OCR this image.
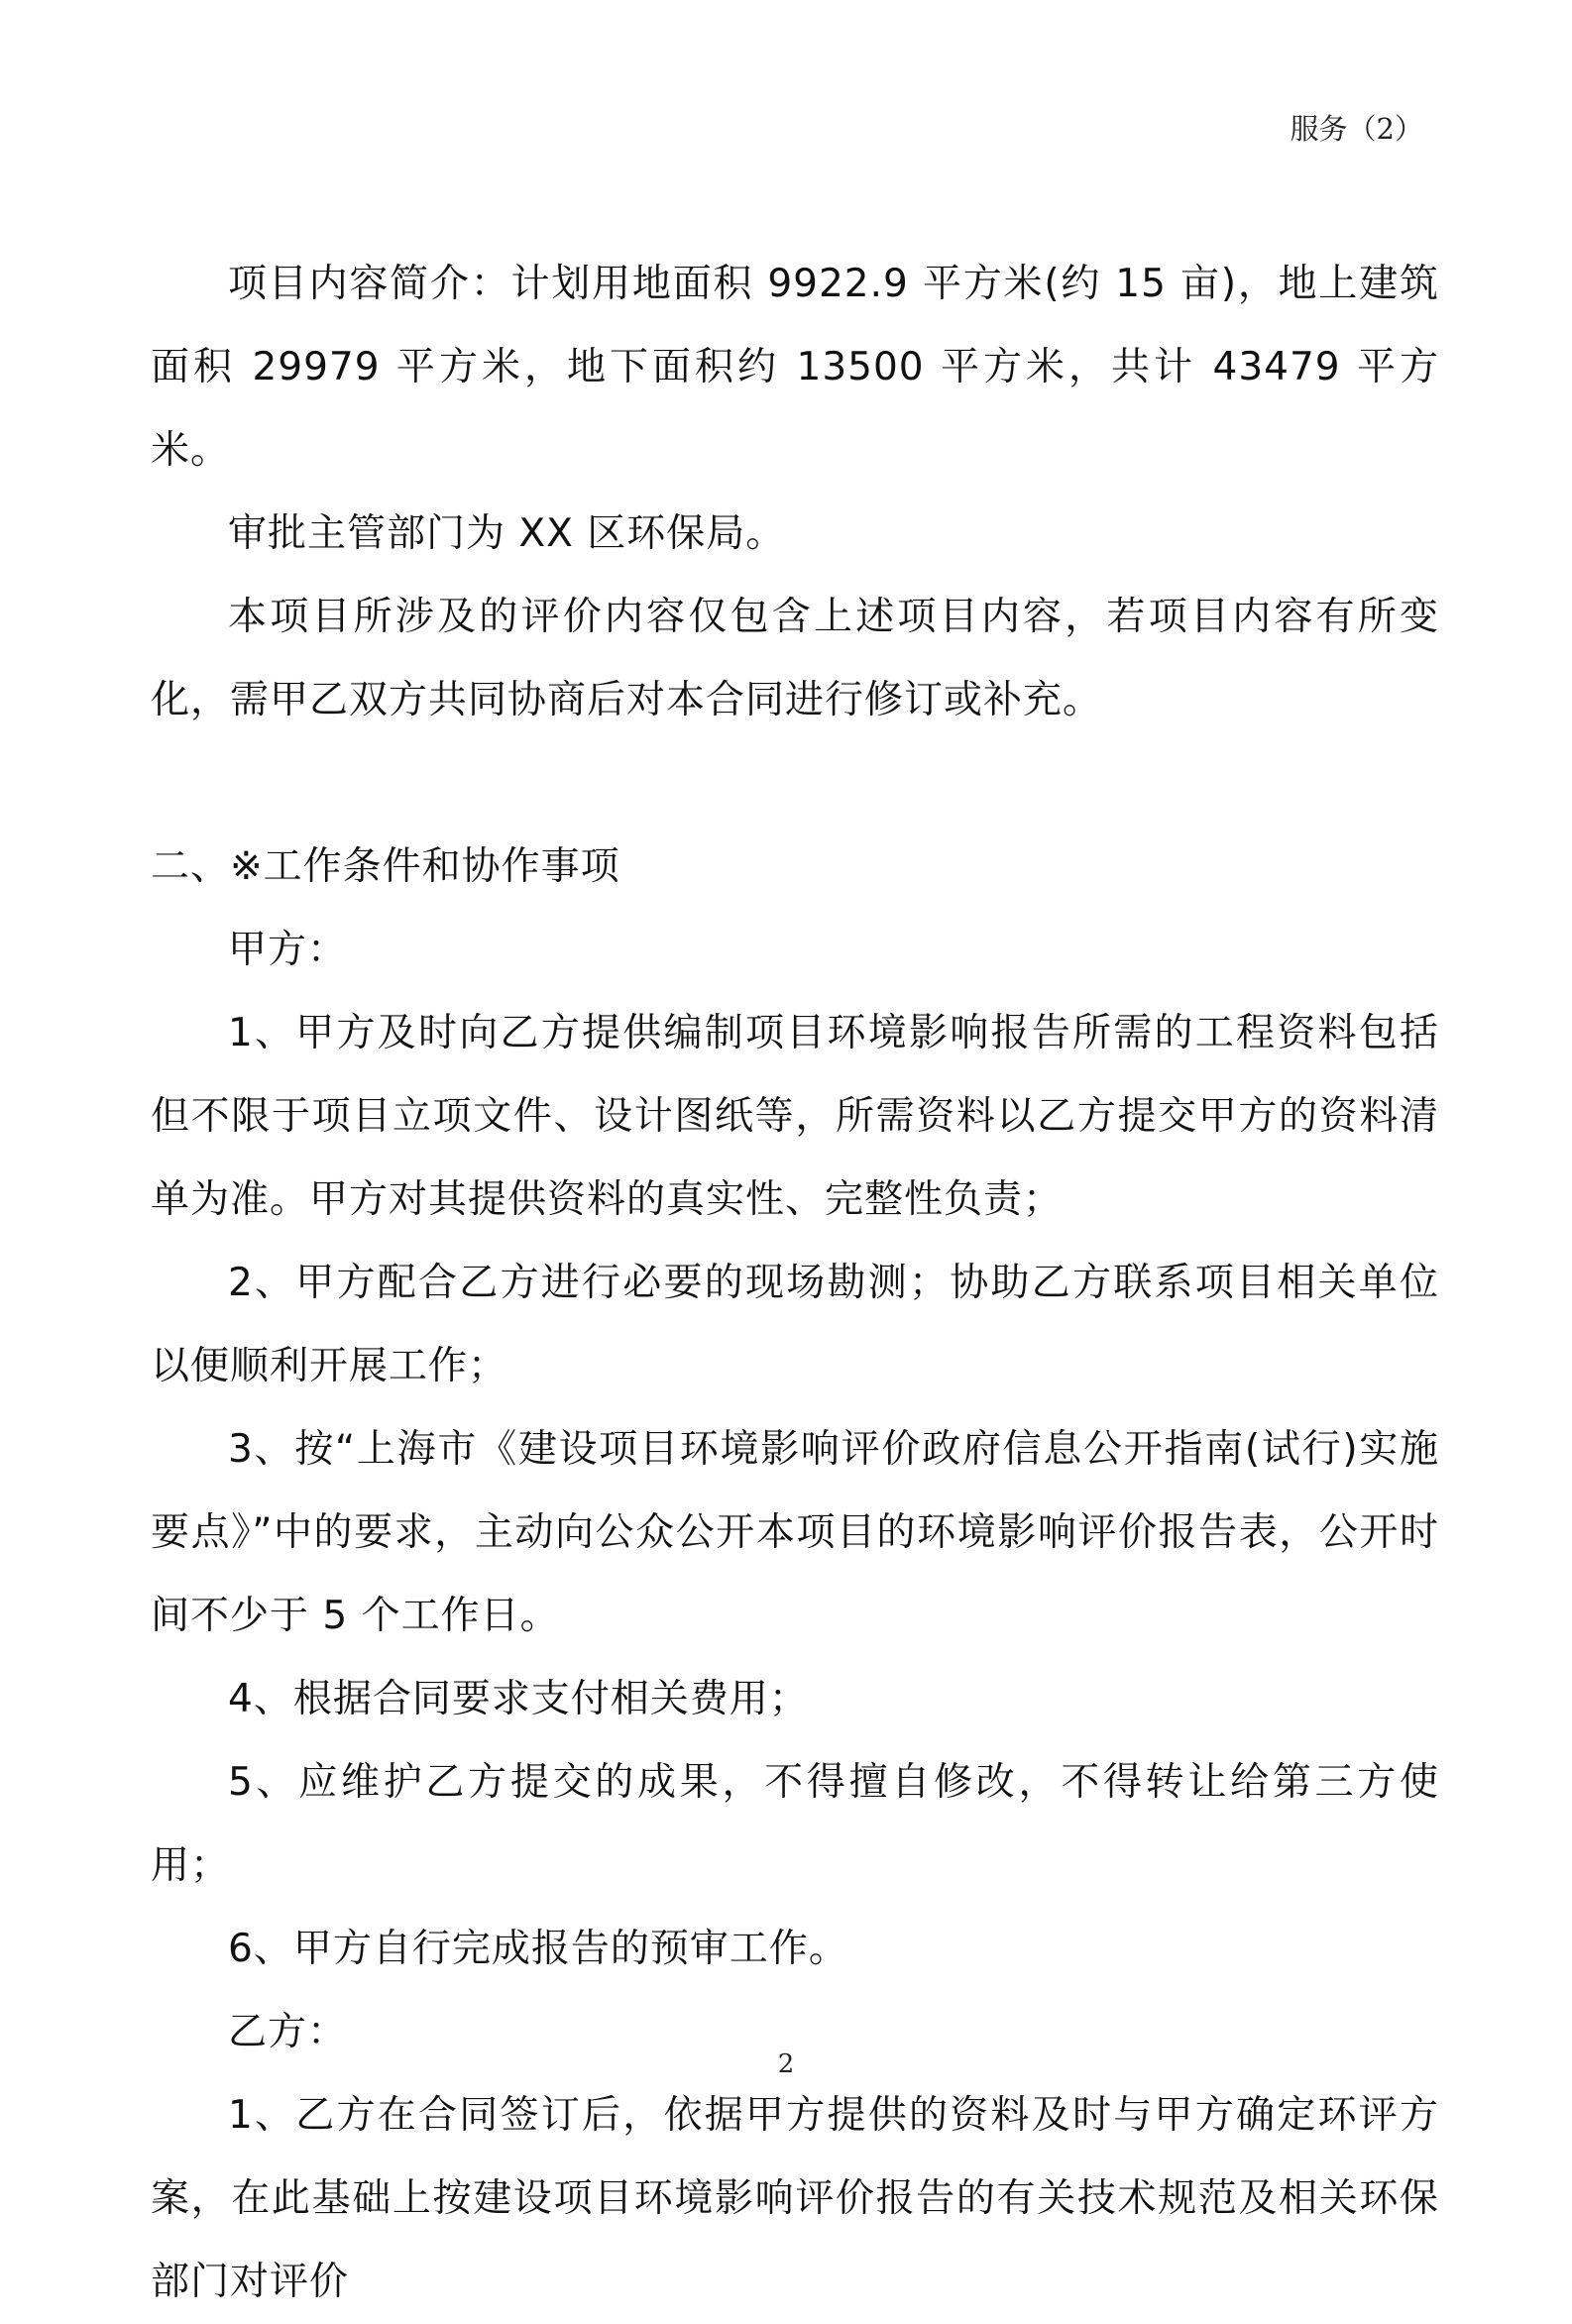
服务（2）

项目内容简介：计划用地面积 9922.9 平方米(约 15 亩)，地上建筑面积 29979 平方米，地下面积约 13500 平方米，共计 43479 平方米。

审批主管部门为 XX 区环保局。

本项目所涉及的评价内容仅包含上述项目内容，若项目内容有所变化，需甲乙双方共同协商后对本合同进行修订或补充。

二、※工作条件和协作事项

甲方：

1、甲方及时向乙方提供编制项目环境影响报告所需的工程资料包括但不限于项目立项文件、设计图纸等，所需资料以乙方提交甲方的资料清单为准。甲方对其提供资料的真实性、完整性负责；

2、甲方配合乙方进行必要的现场勘测；协助乙方联系项目相关单位以便顺利开展工作；

3、按“上海市《建设项目环境影响评价政府信息公开指南(试行)实施要点》”中的要求，主动向公众公开本项目的环境影响评价报告表，公开时间不少于 5 个工作日。

4、根据合同要求支付相关费用；

5、应维护乙方提交的成果，不得擅自修改，不得转让给第三方使用；

6、甲方自行完成报告的预审工作。

乙方：

1、乙方在合同签订后，依据甲方提供的资料及时与甲方确定环评方案，在此基础上按建设项目环境影响评价报告的有关技术规范及相关环保部门对评价

2
